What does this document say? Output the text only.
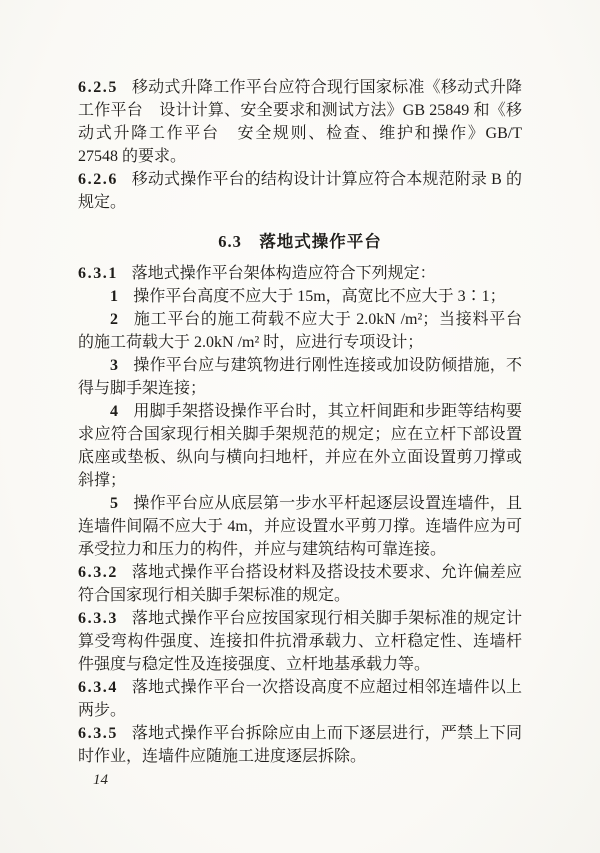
6.2.5 移动式升降工作平台应符合现行国家标准《移动式升降工作平台　设计计算、安全要求和测试方法》GB 25849 和《移动式升降工作平台　安全规则、检查、维护和操作》GB/T 27548 的要求。

6.2.6 移动式操作平台的结构设计计算应符合本规范附录 B 的规定。

6.3　落地式操作平台

6.3.1 落地式操作平台架体构造应符合下列规定：

1 操作平台高度不应大于 15m，高宽比不应大于 3∶1；

2 施工平台的施工荷载不应大于 2.0kN /m²；当接料平台的施工荷载大于 2.0kN /m² 时，应进行专项设计；

3 操作平台应与建筑物进行刚性连接或加设防倾措施，不得与脚手架连接；

4 用脚手架搭设操作平台时，其立杆间距和步距等结构要求应符合国家现行相关脚手架规范的规定；应在立杆下部设置底座或垫板、纵向与横向扫地杆，并应在外立面设置剪刀撑或斜撑；

5 操作平台应从底层第一步水平杆起逐层设置连墙件，且连墙件间隔不应大于 4m，并应设置水平剪刀撑。连墙件应为可承受拉力和压力的构件，并应与建筑结构可靠连接。

6.3.2 落地式操作平台搭设材料及搭设技术要求、允许偏差应符合国家现行相关脚手架标准的规定。

6.3.3 落地式操作平台应按国家现行相关脚手架标准的规定计算受弯构件强度、连接扣件抗滑承载力、立杆稳定性、连墙杆件强度与稳定性及连接强度、立杆地基承载力等。

6.3.4 落地式操作平台一次搭设高度不应超过相邻连墙件以上两步。

6.3.5 落地式操作平台拆除应由上而下逐层进行，严禁上下同时作业，连墙件应随施工进度逐层拆除。

14
